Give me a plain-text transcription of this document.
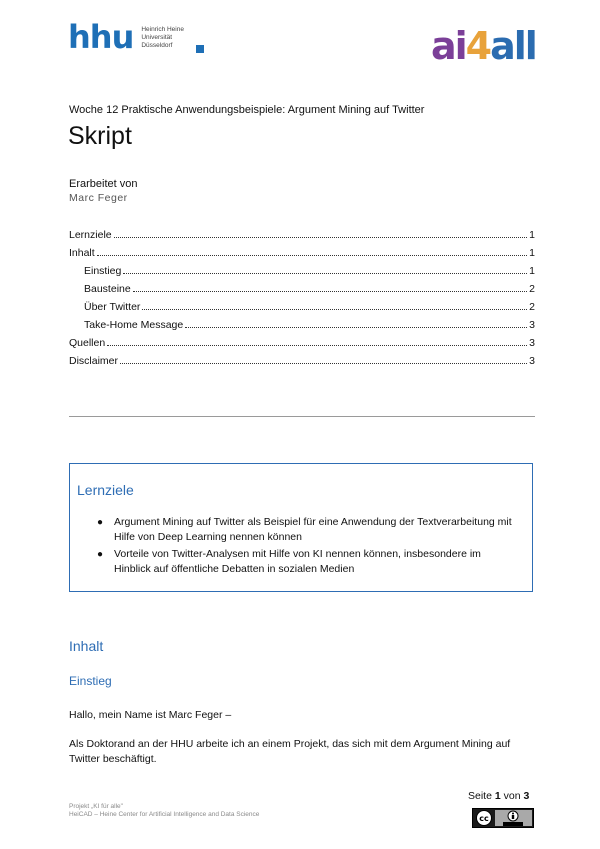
hhu Heinrich Heine
Universität
Düsseldorf	ai4all
Woche 12 Praktische Anwendungsbeispiele: Argument Mining auf Twitter
Skript
Erarbeitet von
Marc Feger
Lernziele	1
Inhalt	1
Einstieg	1
Bausteine	2
Über Twitter	2
Take-Home Message	3
Quellen	3
Disclaimer	3
Lernziele
● Argument Mining auf Twitter als Beispiel für eine Anwendung der Textverarbeitung mit Hilfe von Deep Learning nennen können
● Vorteile von Twitter-Analysen mit Hilfe von KI nennen können, insbesondere im Hinblick auf öffentliche Debatten in sozialen Medien
Inhalt
Einstieg
Hallo, mein Name ist Marc Feger –
Als Doktorand an der HHU arbeite ich an einem Projekt, das sich mit dem Argument Mining auf Twitter beschäftigt.
Projekt „KI für alle"
HeiCAD – Heine Center for Artificial Intelligence and Data Science
Seite 1 von 3
cc
